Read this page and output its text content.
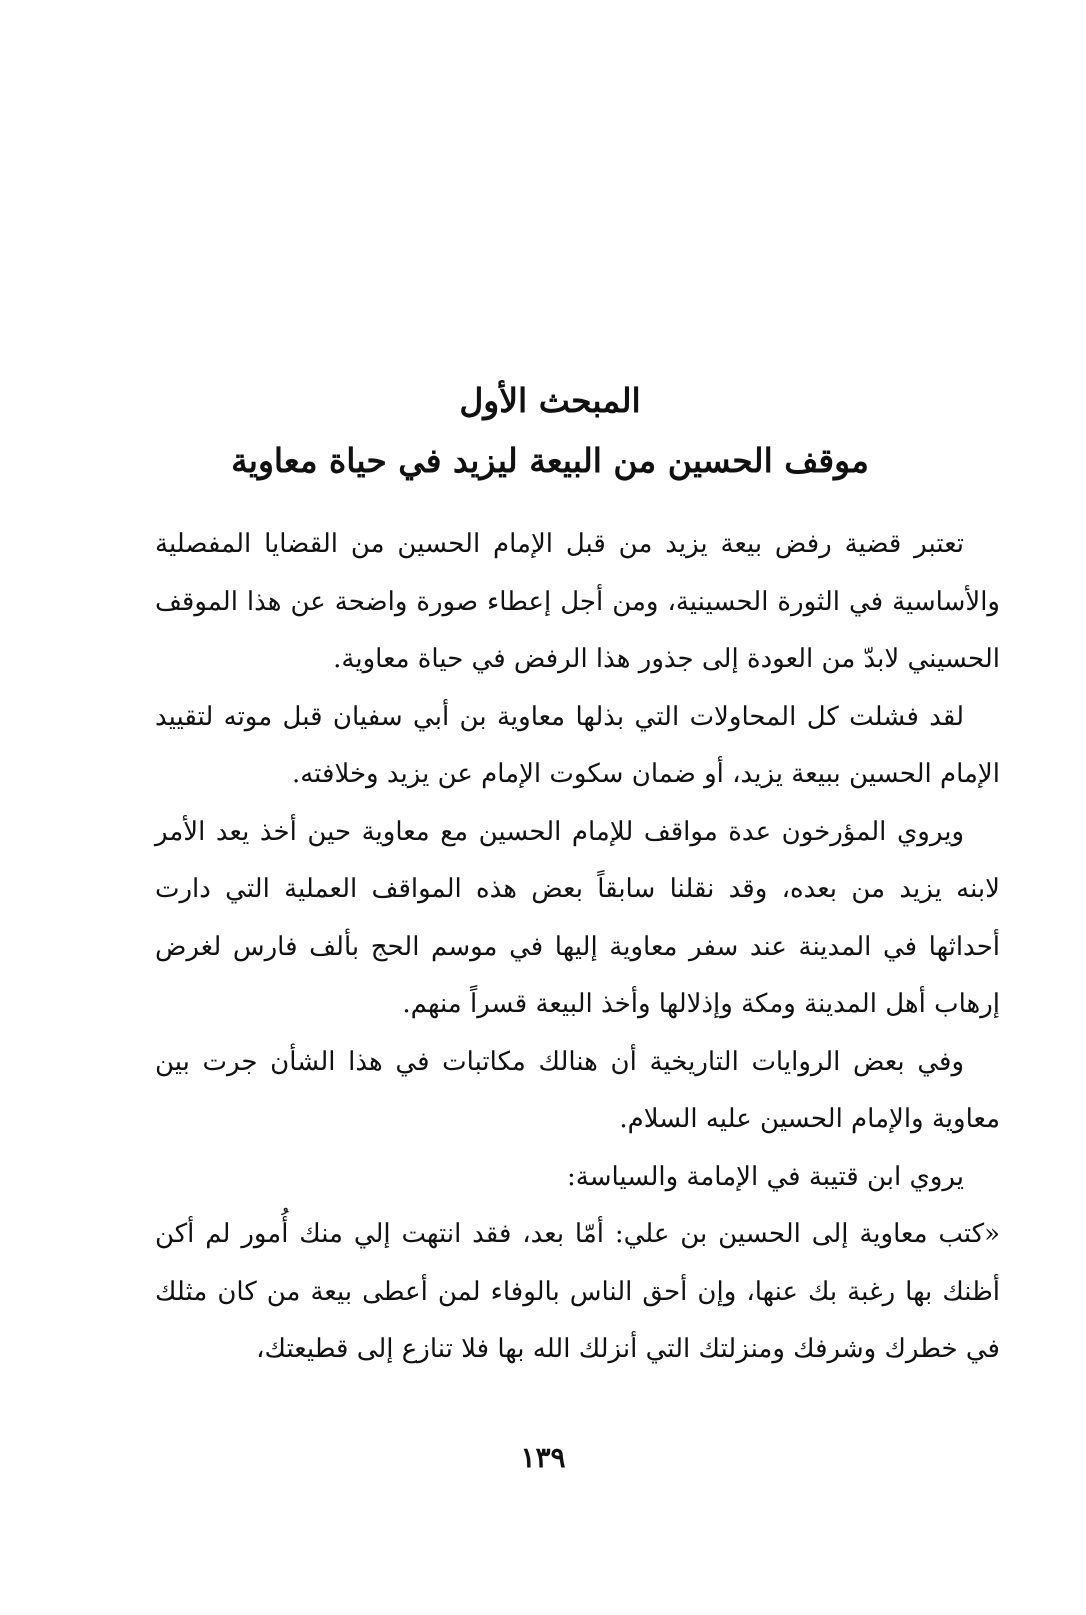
المبحث الأول
موقف الحسين من البيعة ليزيد في حياة معاوية

تعتبر قضية رفض بيعة يزيد من قبل الإمام الحسين من القضايا المفصلية والأساسية في الثورة الحسينية، ومن أجل إعطاء صورة واضحة عن هذا الموقف الحسيني لابدّ من العودة إلى جذور هذا الرفض في حياة معاوية.

لقد فشلت كل المحاولات التي بذلها معاوية بن أبي سفيان قبل موته لتقييد الإمام الحسين ببيعة يزيد، أو ضمان سكوت الإمام عن يزيد وخلافته.

ويروي المؤرخون عدة مواقف للإمام الحسين مع معاوية حين أخذ يعد الأمر لابنه يزيد من بعده، وقد نقلنا سابقاً بعض هذه المواقف العملية التي دارت أحداثها في المدينة عند سفر معاوية إليها في موسم الحج بألف فارس لغرض إرهاب أهل المدينة ومكة وإذلالها وأخذ البيعة قسراً منهم.

وفي بعض الروايات التاريخية أن هنالك مكاتبات في هذا الشأن جرت بين معاوية والإمام الحسين عليه السلام.

يروي ابن قتيبة في الإمامة والسياسة:

«كتب معاوية إلى الحسين بن علي: أمّا بعد، فقد انتهت إلي منك أُمور لم أكن أظنك بها رغبة بك عنها، وإن أحق الناس بالوفاء لمن أعطى بيعة من كان مثلك في خطرك وشرفك ومنزلتك التي أنزلك الله بها فلا تنازع إلى قطيعتك،

١٣٩
